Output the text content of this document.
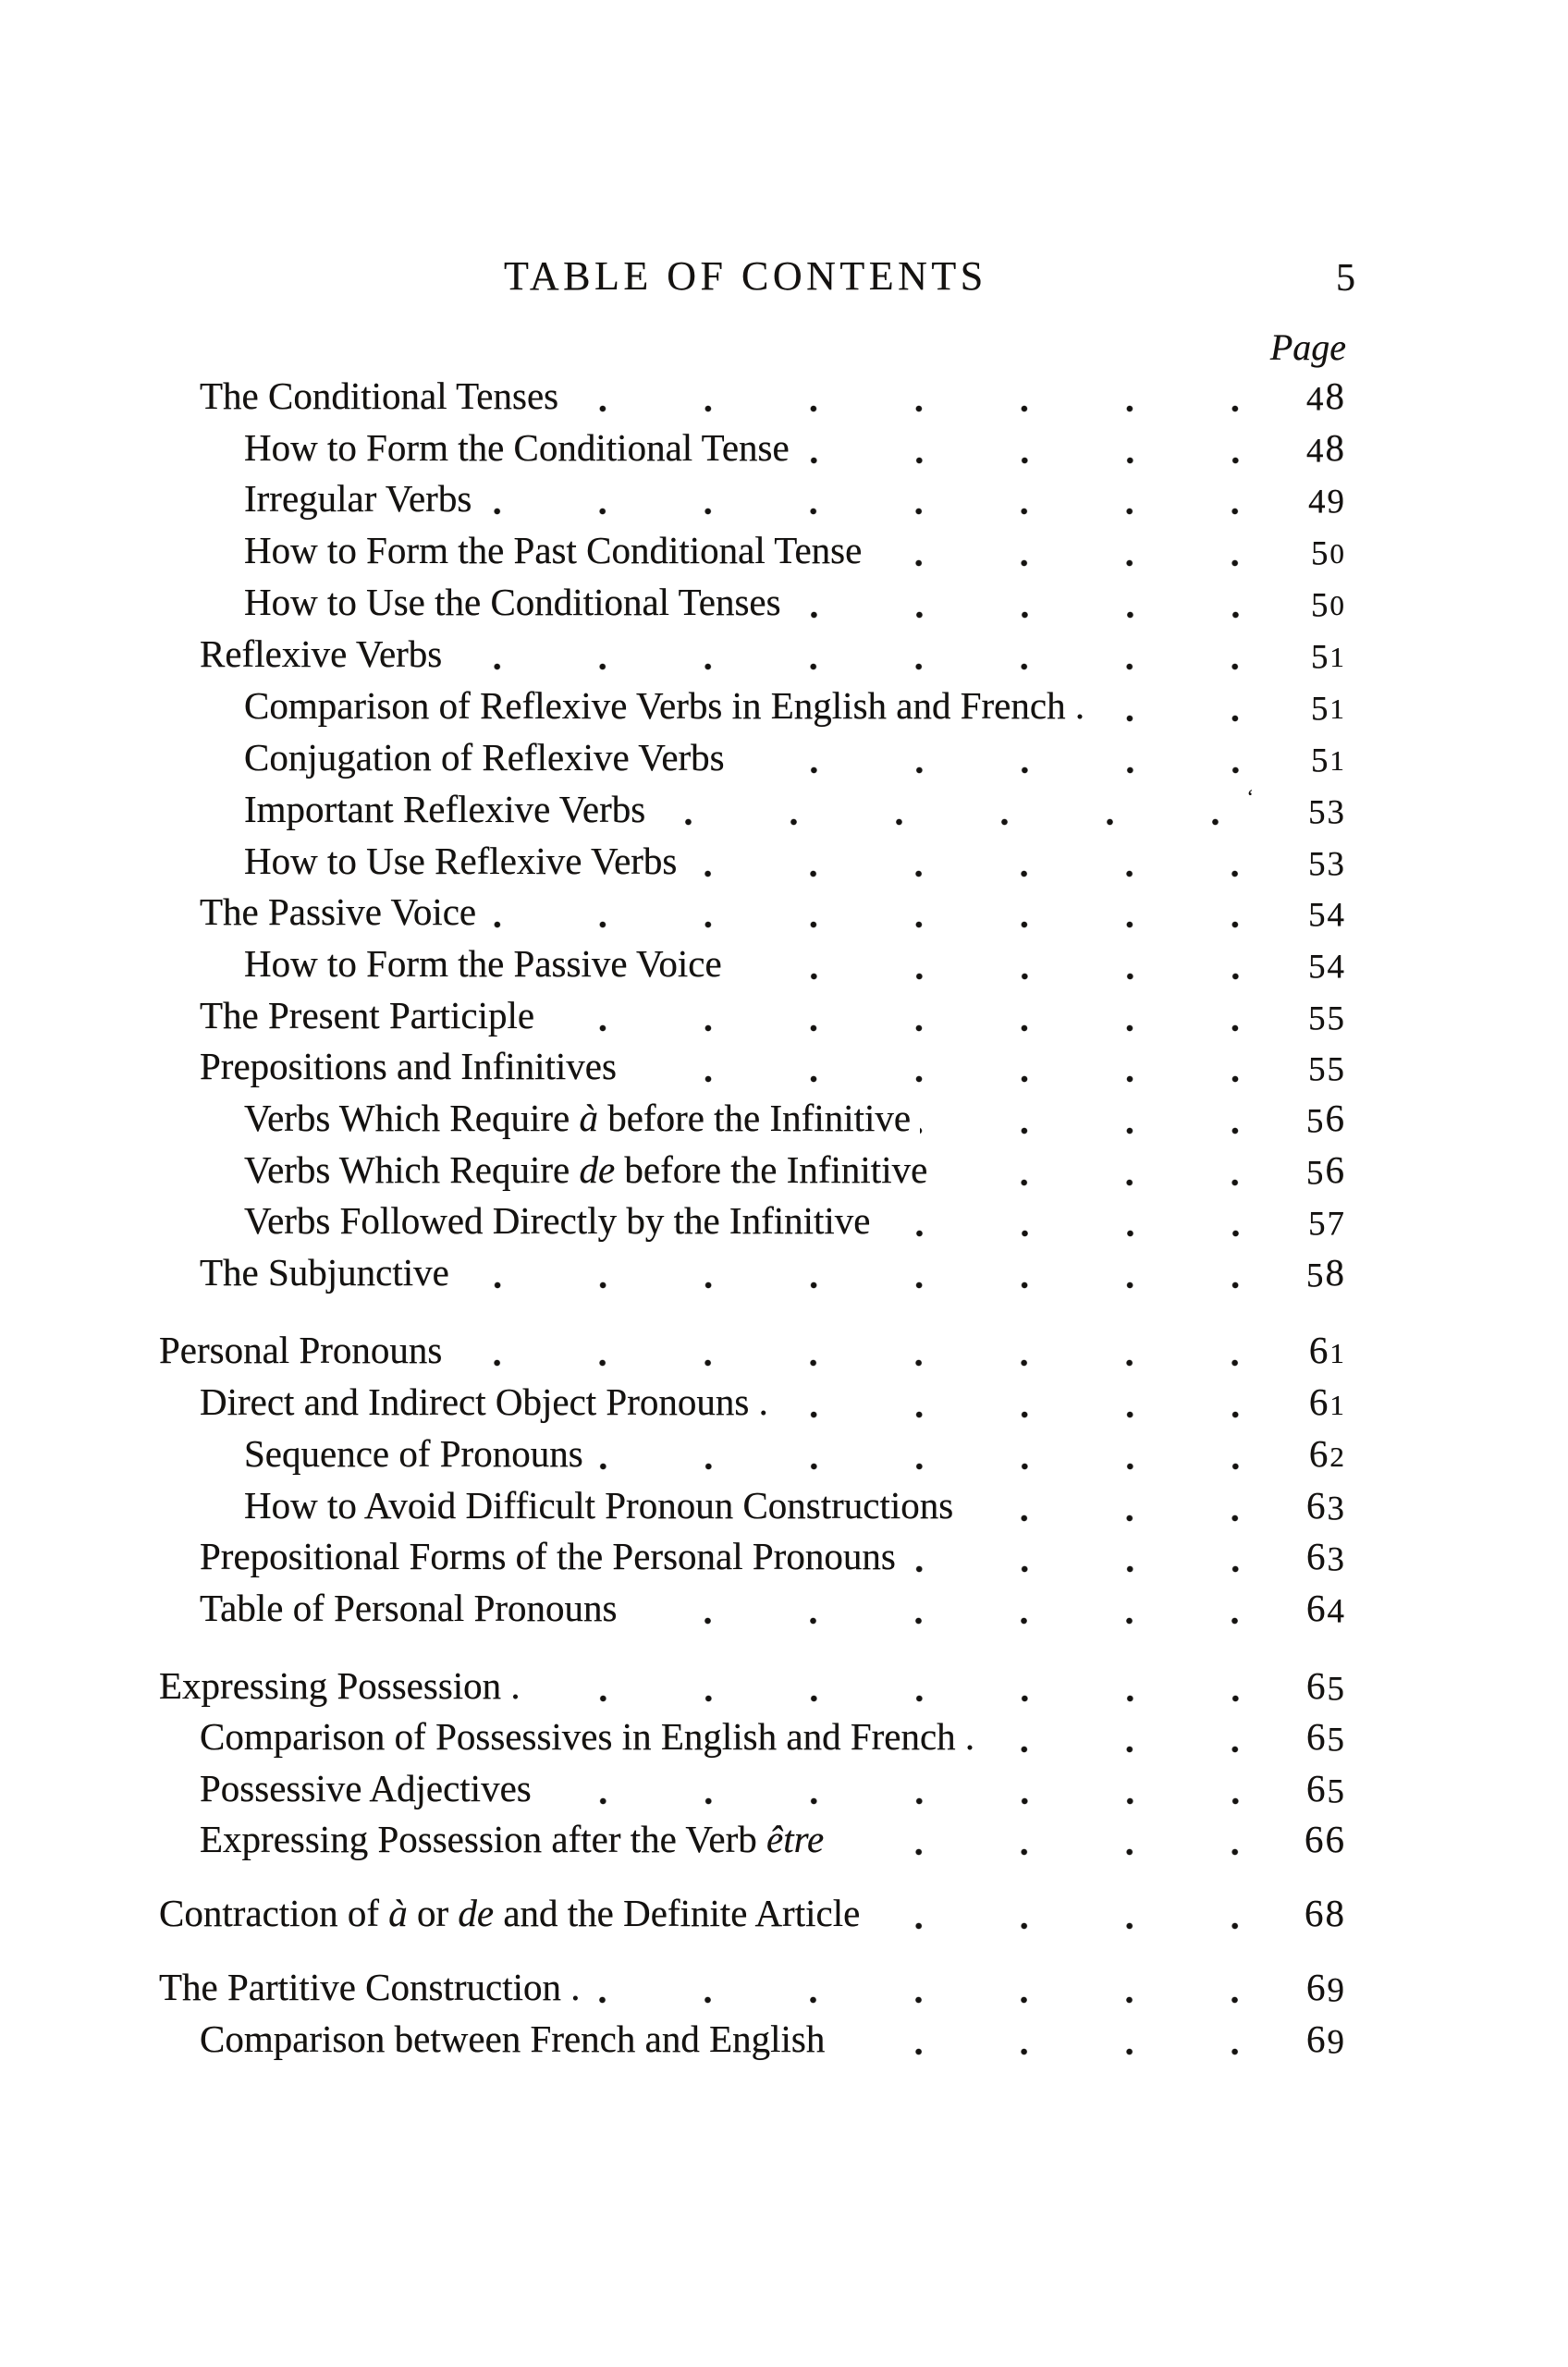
TABLE OF CONTENTS	5
Page
The Conditional Tenses	48
How to Form the Conditional Tense	48
Irregular Verbs	49
How to Form the Past Conditional Tense	50
How to Use the Conditional Tenses	50
Reflexive Verbs	51
Comparison of Reflexive Verbs in English and French .	51
Conjugation of Reflexive Verbs	51
Important Reflexive Verbs	‘	53
How to Use Reflexive Verbs	53
The Passive Voice	54
How to Form the Passive Voice	54
The Present Participle	55
Prepositions and Infinitives	55
Verbs Which Require à before the Infinitive	56
Verbs Which Require de before the Infinitive	56
Verbs Followed Directly by the Infinitive	57
The Subjunctive	58
Personal Pronouns	61
Direct and Indirect Object Pronouns .	61
Sequence of Pronouns	62
How to Avoid Difficult Pronoun Constructions	63
Prepositional Forms of the Personal Pronouns	63
Table of Personal Pronouns	64
Expressing Possession .	65
Comparison of Possessives in English and French .	65
Possessive Adjectives	65
Expressing Possession after the Verb être	66
Contraction of à or de and the Definite Article	68
The Partitive Construction .	69
Comparison between French and English	69
